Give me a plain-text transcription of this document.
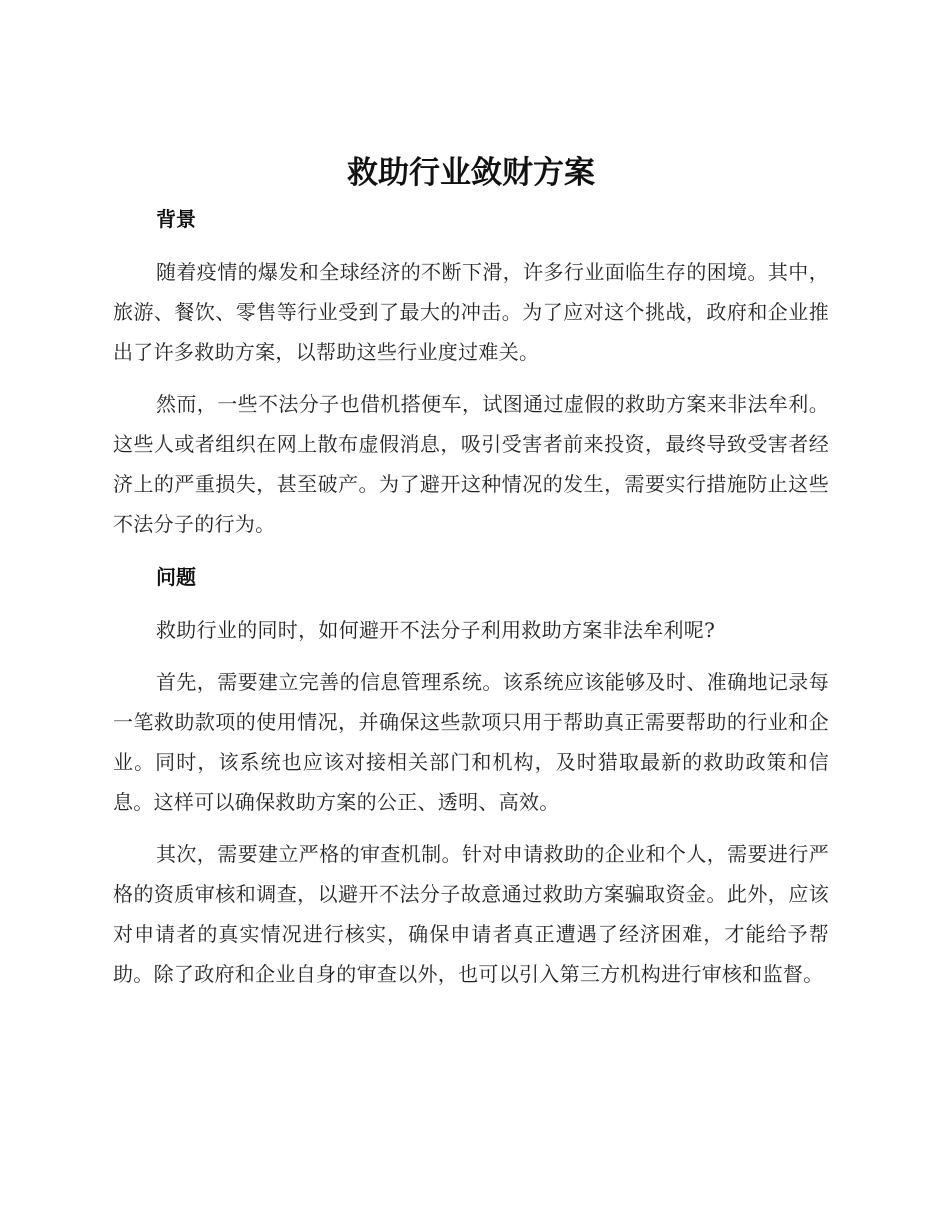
救助行业敛财方案
背景

随着疫情的爆发和全球经济的不断下滑，许多行业面临生存的困境。其中，旅游、餐饮、零售等行业受到了最大的冲击。为了应对这个挑战，政府和企业推出了许多救助方案，以帮助这些行业度过难关。

然而，一些不法分子也借机搭便车，试图通过虚假的救助方案来非法牟利。这些人或者组织在网上散布虚假消息，吸引受害者前来投资，最终导致受害者经济上的严重损失，甚至破产。为了避开这种情况的发生，需要实行措施防止这些不法分子的行为。

问题

救助行业的同时，如何避开不法分子利用救助方案非法牟利呢?

首先，需要建立完善的信息管理系统。该系统应该能够及时、准确地记录每一笔救助款项的使用情况，并确保这些款项只用于帮助真正需要帮助的行业和企业。同时，该系统也应该对接相关部门和机构，及时猎取最新的救助政策和信息。这样可以确保救助方案的公正、透明、高效。

其次，需要建立严格的审查机制。针对申请救助的企业和个人，需要进行严格的资质审核和调查，以避开不法分子故意通过救助方案骗取资金。此外，应该对申请者的真实情况进行核实，确保申请者真正遭遇了经济困难，才能给予帮助。除了政府和企业自身的审查以外，也可以引入第三方机构进行审核和监督。
